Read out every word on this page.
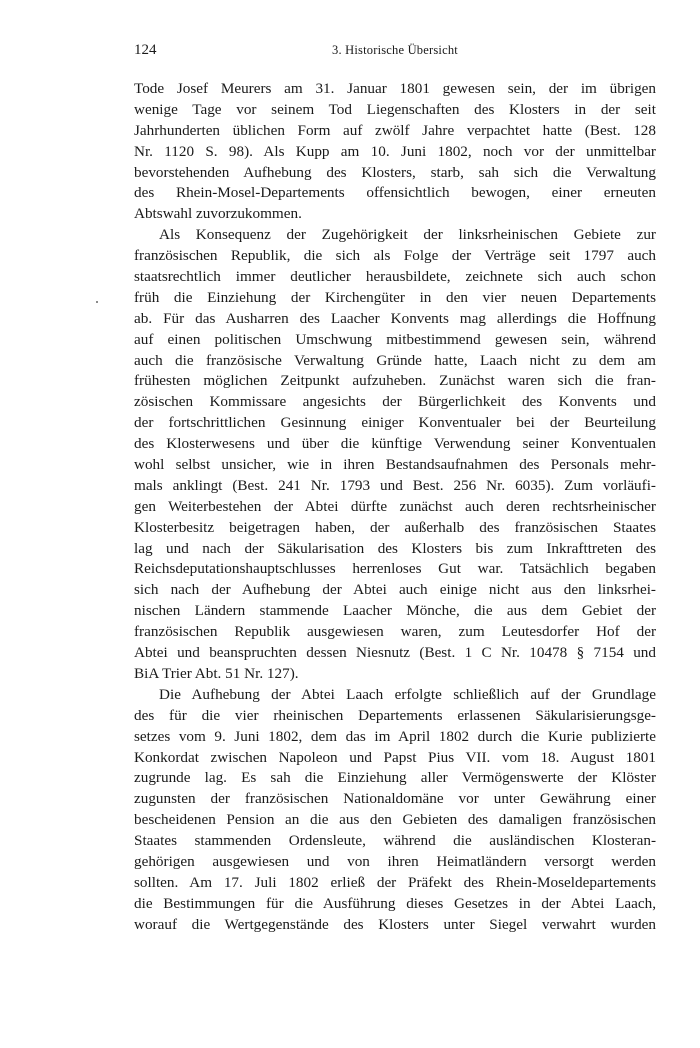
124	3. Historische Übersicht
Tode Josef Meurers am 31. Januar 1801 gewesen sein, der im übrigen
wenige Tage vor seinem Tod Liegenschaften des Klosters in der seit
Jahrhunderten üblichen Form auf zwölf Jahre verpachtet hatte (Best. 128
Nr. 1120 S. 98). Als Kupp am 10. Juni 1802, noch vor der unmittelbar
bevorstehenden Aufhebung des Klosters, starb, sah sich die Verwaltung
des Rhein-Mosel-Departements offensichtlich bewogen, einer erneuten
Abtswahl zuvorzukommen.
Als Konsequenz der Zugehörigkeit der linksrheinischen Gebiete zur
französischen Republik, die sich als Folge der Verträge seit 1797 auch
staatsrechtlich immer deutlicher herausbildete, zeichnete sich auch schon
früh die Einziehung der Kirchengüter in den vier neuen Departements
ab. Für das Ausharren des Laacher Konvents mag allerdings die Hoffnung
auf einen politischen Umschwung mitbestimmend gewesen sein, während
auch die französische Verwaltung Gründe hatte, Laach nicht zu dem am
frühesten möglichen Zeitpunkt aufzuheben. Zunächst waren sich die fran-
zösischen Kommissare angesichts der Bürgerlichkeit des Konvents und
der fortschrittlichen Gesinnung einiger Konventualer bei der Beurteilung
des Klosterwesens und über die künftige Verwendung seiner Konventualen
wohl selbst unsicher, wie in ihren Bestandsaufnahmen des Personals mehr-
mals anklingt (Best. 241 Nr. 1793 und Best. 256 Nr. 6035). Zum vorläufi-
gen Weiterbestehen der Abtei dürfte zunächst auch deren rechtsrheinischer
Klosterbesitz beigetragen haben, der außerhalb des französischen Staates
lag und nach der Säkularisation des Klosters bis zum Inkrafttreten des
Reichsdeputationshauptschlusses herrenloses Gut war. Tatsächlich begaben
sich nach der Aufhebung der Abtei auch einige nicht aus den linksrhei-
nischen Ländern stammende Laacher Mönche, die aus dem Gebiet der
französischen Republik ausgewiesen waren, zum Leutesdorfer Hof der
Abtei und beanspruchten dessen Niesnutz (Best. 1 C Nr. 10478 § 7154 und
BiA Trier Abt. 51 Nr. 127).
Die Aufhebung der Abtei Laach erfolgte schließlich auf der Grundlage
des für die vier rheinischen Departements erlassenen Säkularisierungsge-
setzes vom 9. Juni 1802, dem das im April 1802 durch die Kurie publizierte
Konkordat zwischen Napoleon und Papst Pius VII. vom 18. August 1801
zugrunde lag. Es sah die Einziehung aller Vermögenswerte der Klöster
zugunsten der französischen Nationaldomäne vor unter Gewährung einer
bescheidenen Pension an die aus den Gebieten des damaligen französischen
Staates stammenden Ordensleute, während die ausländischen Klosteran-
gehörigen ausgewiesen und von ihren Heimatländern versorgt werden
sollten. Am 17. Juli 1802 erließ der Präfekt des Rhein-Moseldepartements
die Bestimmungen für die Ausführung dieses Gesetzes in der Abtei Laach,
worauf die Wertgegenstände des Klosters unter Siegel verwahrt wurden
